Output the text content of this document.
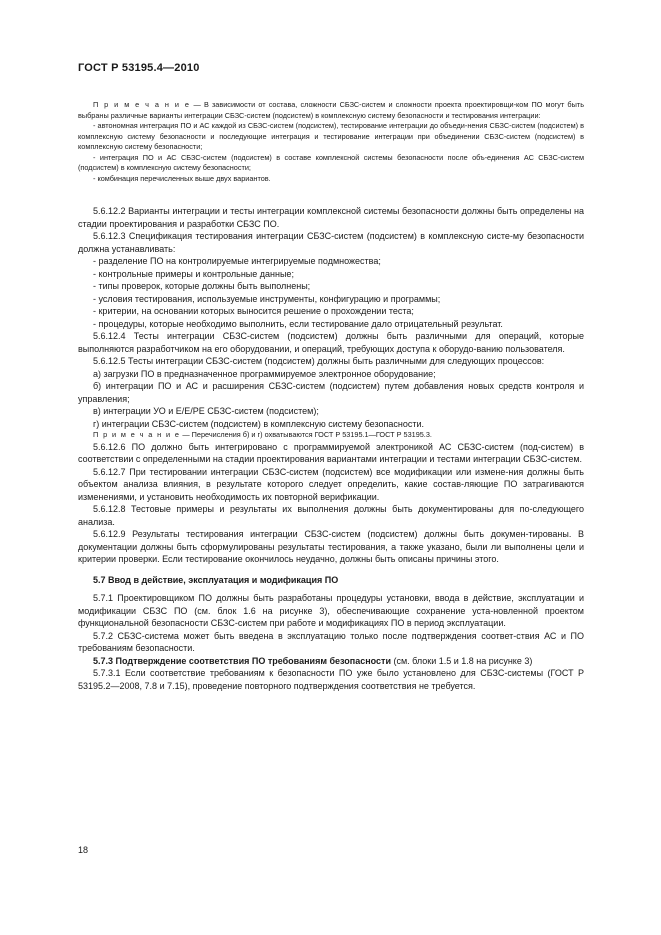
ГОСТ Р 53195.4—2010

П р и м е ч а н и е — В зависимости от состава, сложности СБЗС-систем и сложности проекта проектировщи-ком ПО могут быть выбраны различные варианты интеграции СБЗС-систем (подсистем) в комплексную систему безопасности и тестирования интеграции:

- автономная интеграция ПО и АС каждой из СБЗС-систем (подсистем), тестирование интеграции до объеди-нения СБЗС-систем (подсистем) в комплексную систему безопасности и последующие интеграция и тестирование интеграции при объединении СБЗС-систем (подсистем) в комплексную систему безопасности;

- интеграция ПО и АС СБЗС-систем (подсистем) в составе комплексной системы безопасности после объ-единения АС СБЗС-систем (подсистем) в комплексную систему безопасности;

- комбинация перечисленных выше двух вариантов.

5.6.12.2 Варианты интеграции и тесты интеграции комплексной системы безопасности должны быть определены на стадии проектирования и разработки СБЗС ПО.

5.6.12.3 Спецификация тестирования интеграции СБЗС-систем (подсистем) в комплексную систе-му безопасности должна устанавливать:

- разделение ПО на контролируемые интегрируемые подмножества;

- контрольные примеры и контрольные данные;

- типы проверок, которые должны быть выполнены;

- условия тестирования, используемые инструменты, конфигурацию и программы;

- критерии, на основании которых выносится решение о прохождении теста;

- процедуры, которые необходимо выполнить, если тестирование дало отрицательный результат.

5.6.12.4 Тесты интеграции СБЗС-систем (подсистем) должны быть различными для операций, которые выполняются разработчиком на его оборудовании, и операций, требующих доступа к оборудо-ванию пользователя.

5.6.12.5 Тесты интеграции СБЗС-систем (подсистем) должны быть различными для следующих процессов:

а) загрузки ПО в предназначенное программируемое электронное оборудование;

б) интеграции ПО и АС и расширения СБЗС-систем (подсистем) путем добавления новых средств контроля и управления;

в) интеграции УО и Е/Е/РЕ СБЗС-систем (подсистем);

г) интеграции СБЗС-систем (подсистем) в комплексную систему безопасности.

П р и м е ч а н и е — Перечисления б) и г) охватываются ГОСТ Р 53195.1—ГОСТ Р 53195.3.

5.6.12.6 ПО должно быть интегрировано с программируемой электроникой АС СБЗС-систем (под-систем) в соответствии с определенными на стадии проектирования вариантами интеграции и тестами интеграции СБЗС-систем.

5.6.12.7 При тестировании интеграции СБЗС-систем (подсистем) все модификации или измене-ния должны быть объектом анализа влияния, в результате которого следует определить, какие состав-ляющие ПО затрагиваются изменениями, и установить необходимость их повторной верификации.

5.6.12.8 Тестовые примеры и результаты их выполнения должны быть документированы для по-следующего анализа.

5.6.12.9 Результаты тестирования интеграции СБЗС-систем (подсистем) должны быть докумен-тированы. В документации должны быть сформулированы результаты тестирования, а также указано, были ли выполнены цели и критерии проверки. Если тестирование окончилось неудачно, должны быть описаны причины этого.

5.7 Ввод в действие, эксплуатация и модификация ПО

5.7.1 Проектировщиком ПО должны быть разработаны процедуры установки, ввода в действие, эксплуатации и модификации СБЗС ПО (см. блок 1.6 на рисунке 3), обеспечивающие сохранение уста-новленной проектом функциональной безопасности СБЗС-систем при работе и модификациях ПО в период эксплуатации.

5.7.2 СБЗС-система может быть введена в эксплуатацию только после подтверждения соответ-ствия АС и ПО требованиям безопасности.

5.7.3 Подтверждение соответствия ПО требованиям безопасности (см. блоки 1.5 и 1.8 на рисунке 3)

5.7.3.1 Если соответствие требованиям к безопасности ПО уже было установлено для СБЗС-системы (ГОСТ Р 53195.2—2008, 7.8 и 7.15), проведение повторного подтверждения соответствия не требуется.

18
